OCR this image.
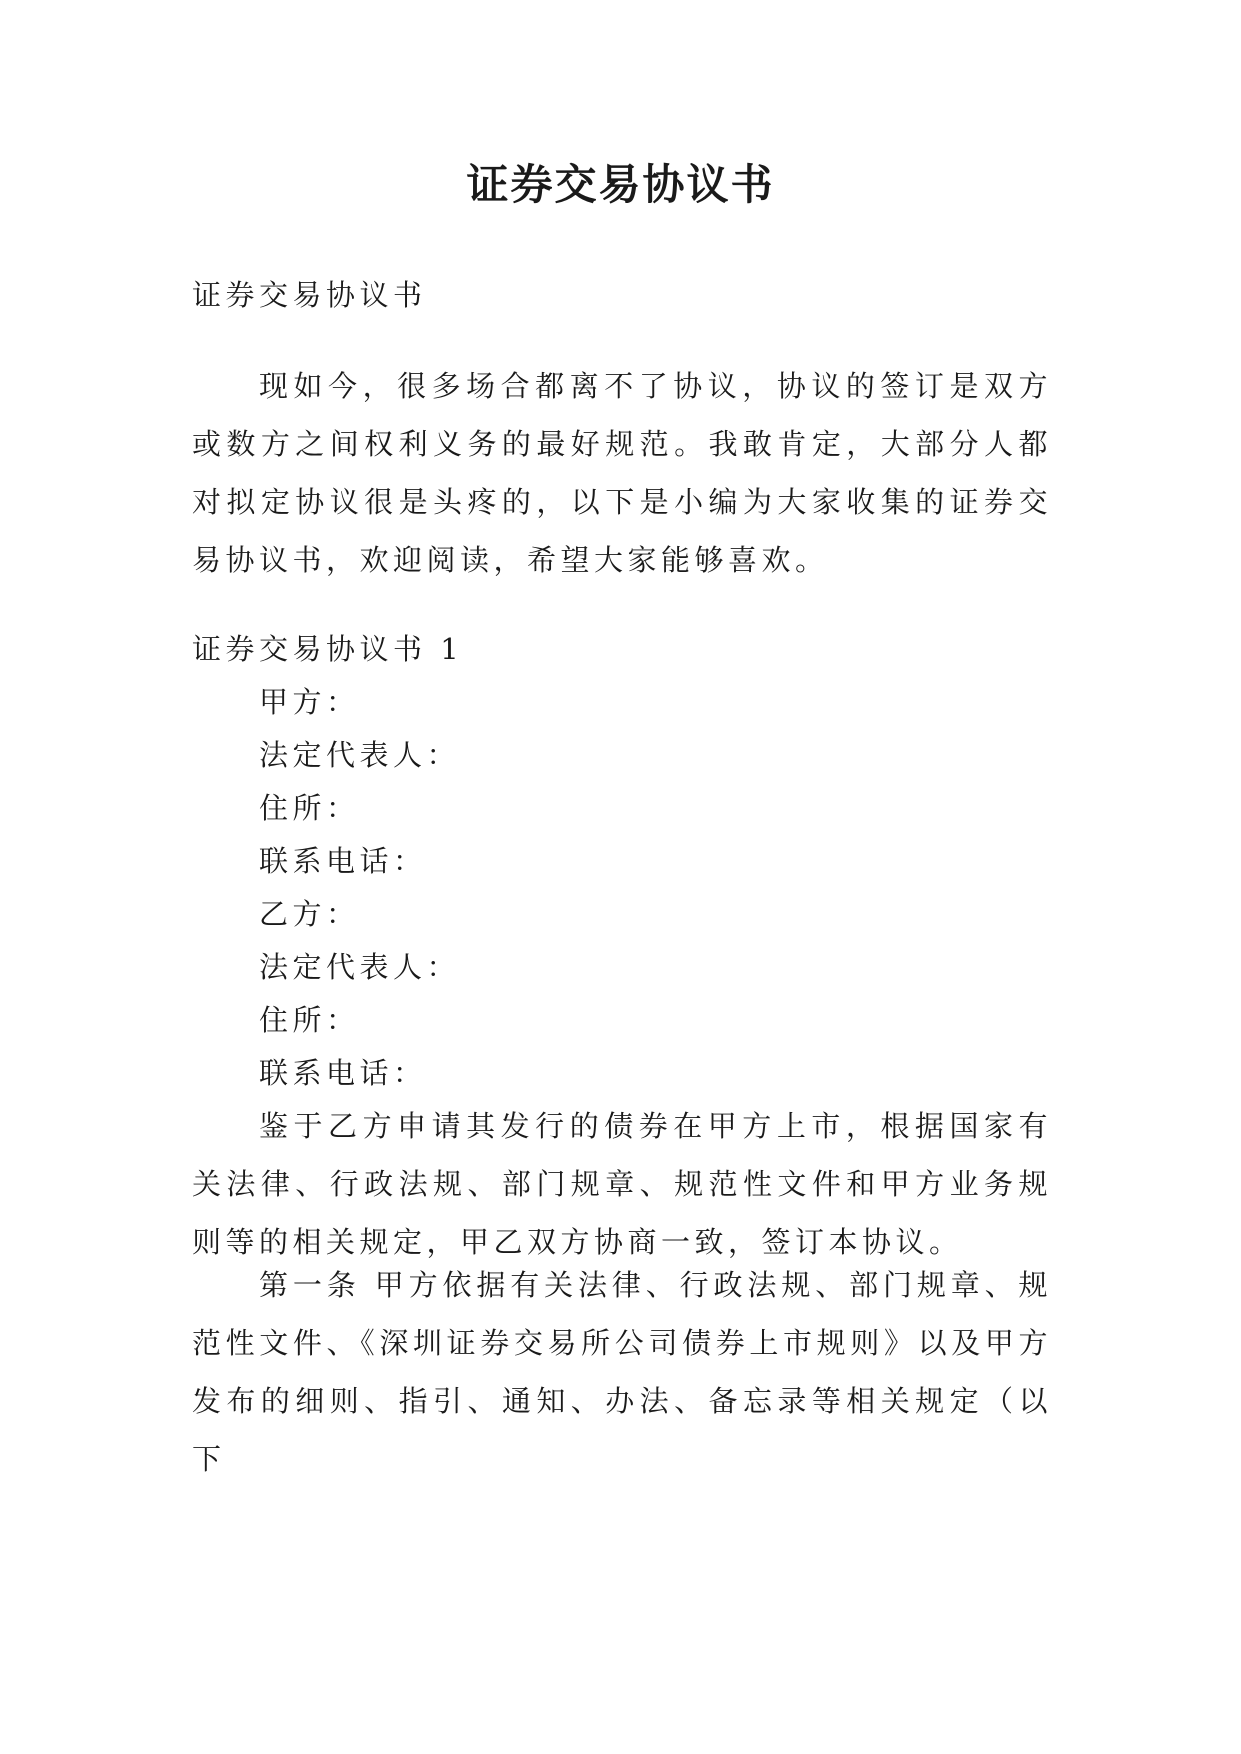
证券交易协议书

证券交易协议书

现如今，很多场合都离不了协议，协议的签订是双方或数方之间权利义务的最好规范。我敢肯定，大部分人都对拟定协议很是头疼的，以下是小编为大家收集的证券交易协议书，欢迎阅读，希望大家能够喜欢。

证券交易协议书 1

甲方：

法定代表人：

住所：

联系电话：

乙方：

法定代表人：

住所：

联系电话：

鉴于乙方申请其发行的债券在甲方上市，根据国家有关法律、行政法规、部门规章、规范性文件和甲方业务规则等的相关规定，甲乙双方协商一致，签订本协议。

第一条 甲方依据有关法律、行政法规、部门规章、规范性文件、《深圳证券交易所公司债券上市规则》以及甲方发布的细则、指引、通知、办法、备忘录等相关规定（以下
